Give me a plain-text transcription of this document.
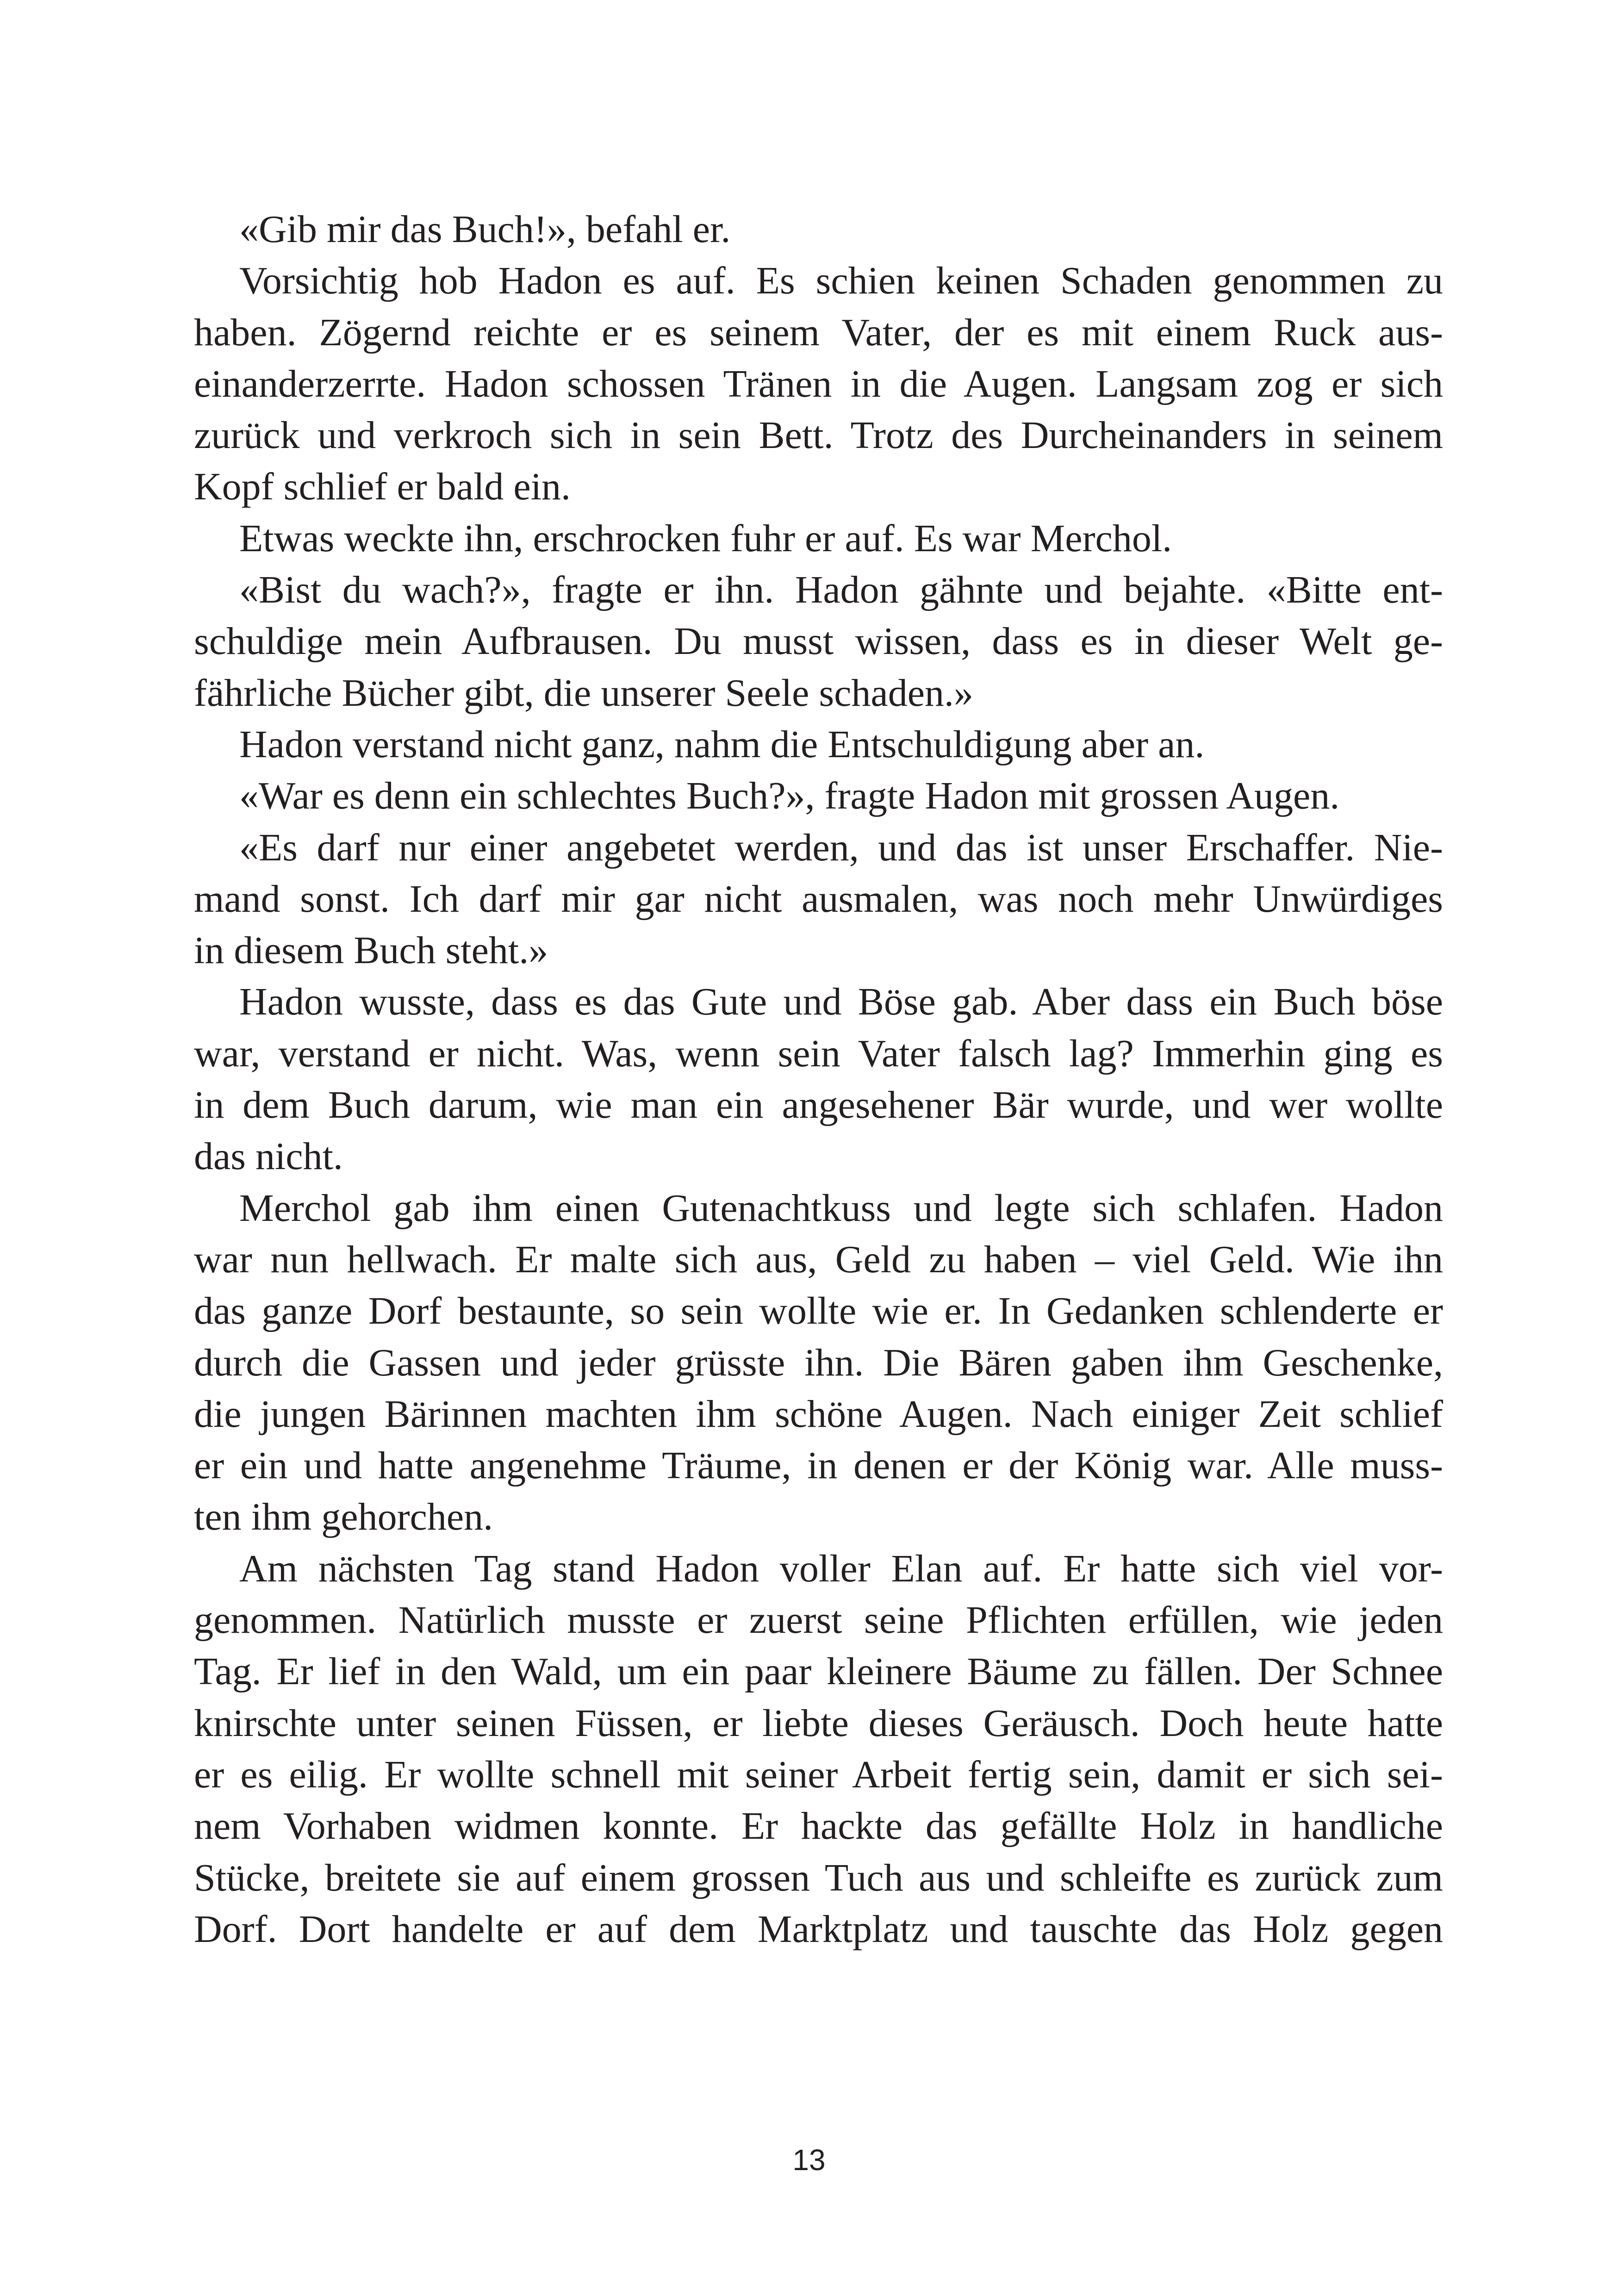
«Gib mir das Buch!», befahl er.
Vorsichtig hob Hadon es auf. Es schien keinen Schaden genommen zu
haben. Zögernd reichte er es seinem Vater, der es mit einem Ruck aus-
einanderzerrte. Hadon schossen Tränen in die Augen. Langsam zog er sich
zurück und verkroch sich in sein Bett. Trotz des Durcheinanders in seinem
Kopf schlief er bald ein.
Etwas weckte ihn, erschrocken fuhr er auf. Es war Merchol.
«Bist du wach?», fragte er ihn. Hadon gähnte und bejahte. «Bitte ent-
schuldige mein Aufbrausen. Du musst wissen, dass es in dieser Welt ge-
fährliche Bücher gibt, die unserer Seele schaden.»
Hadon verstand nicht ganz, nahm die Entschuldigung aber an.
«War es denn ein schlechtes Buch?», fragte Hadon mit grossen Augen.
«Es darf nur einer angebetet werden, und das ist unser Erschaffer. Nie-
mand sonst. Ich darf mir gar nicht ausmalen, was noch mehr Unwürdiges
in diesem Buch steht.»
Hadon wusste, dass es das Gute und Böse gab. Aber dass ein Buch böse
war, verstand er nicht. Was, wenn sein Vater falsch lag? Immerhin ging es
in dem Buch darum, wie man ein angesehener Bär wurde, und wer wollte
das nicht.
Merchol gab ihm einen Gutenachtkuss und legte sich schlafen. Hadon
war nun hellwach. Er malte sich aus, Geld zu haben – viel Geld. Wie ihn
das ganze Dorf bestaunte, so sein wollte wie er. In Gedanken schlenderte er
durch die Gassen und jeder grüsste ihn. Die Bären gaben ihm Geschenke,
die jungen Bärinnen machten ihm schöne Augen. Nach einiger Zeit schlief
er ein und hatte angenehme Träume, in denen er der König war. Alle muss-
ten ihm gehorchen.
Am nächsten Tag stand Hadon voller Elan auf. Er hatte sich viel vor-
genommen. Natürlich musste er zuerst seine Pflichten erfüllen, wie jeden
Tag. Er lief in den Wald, um ein paar kleinere Bäume zu fällen. Der Schnee
knirschte unter seinen Füssen, er liebte dieses Geräusch. Doch heute hatte
er es eilig. Er wollte schnell mit seiner Arbeit fertig sein, damit er sich sei-
nem Vorhaben widmen konnte. Er hackte das gefällte Holz in handliche
Stücke, breitete sie auf einem grossen Tuch aus und schleifte es zurück zum
Dorf. Dort handelte er auf dem Marktplatz und tauschte das Holz gegen
13
